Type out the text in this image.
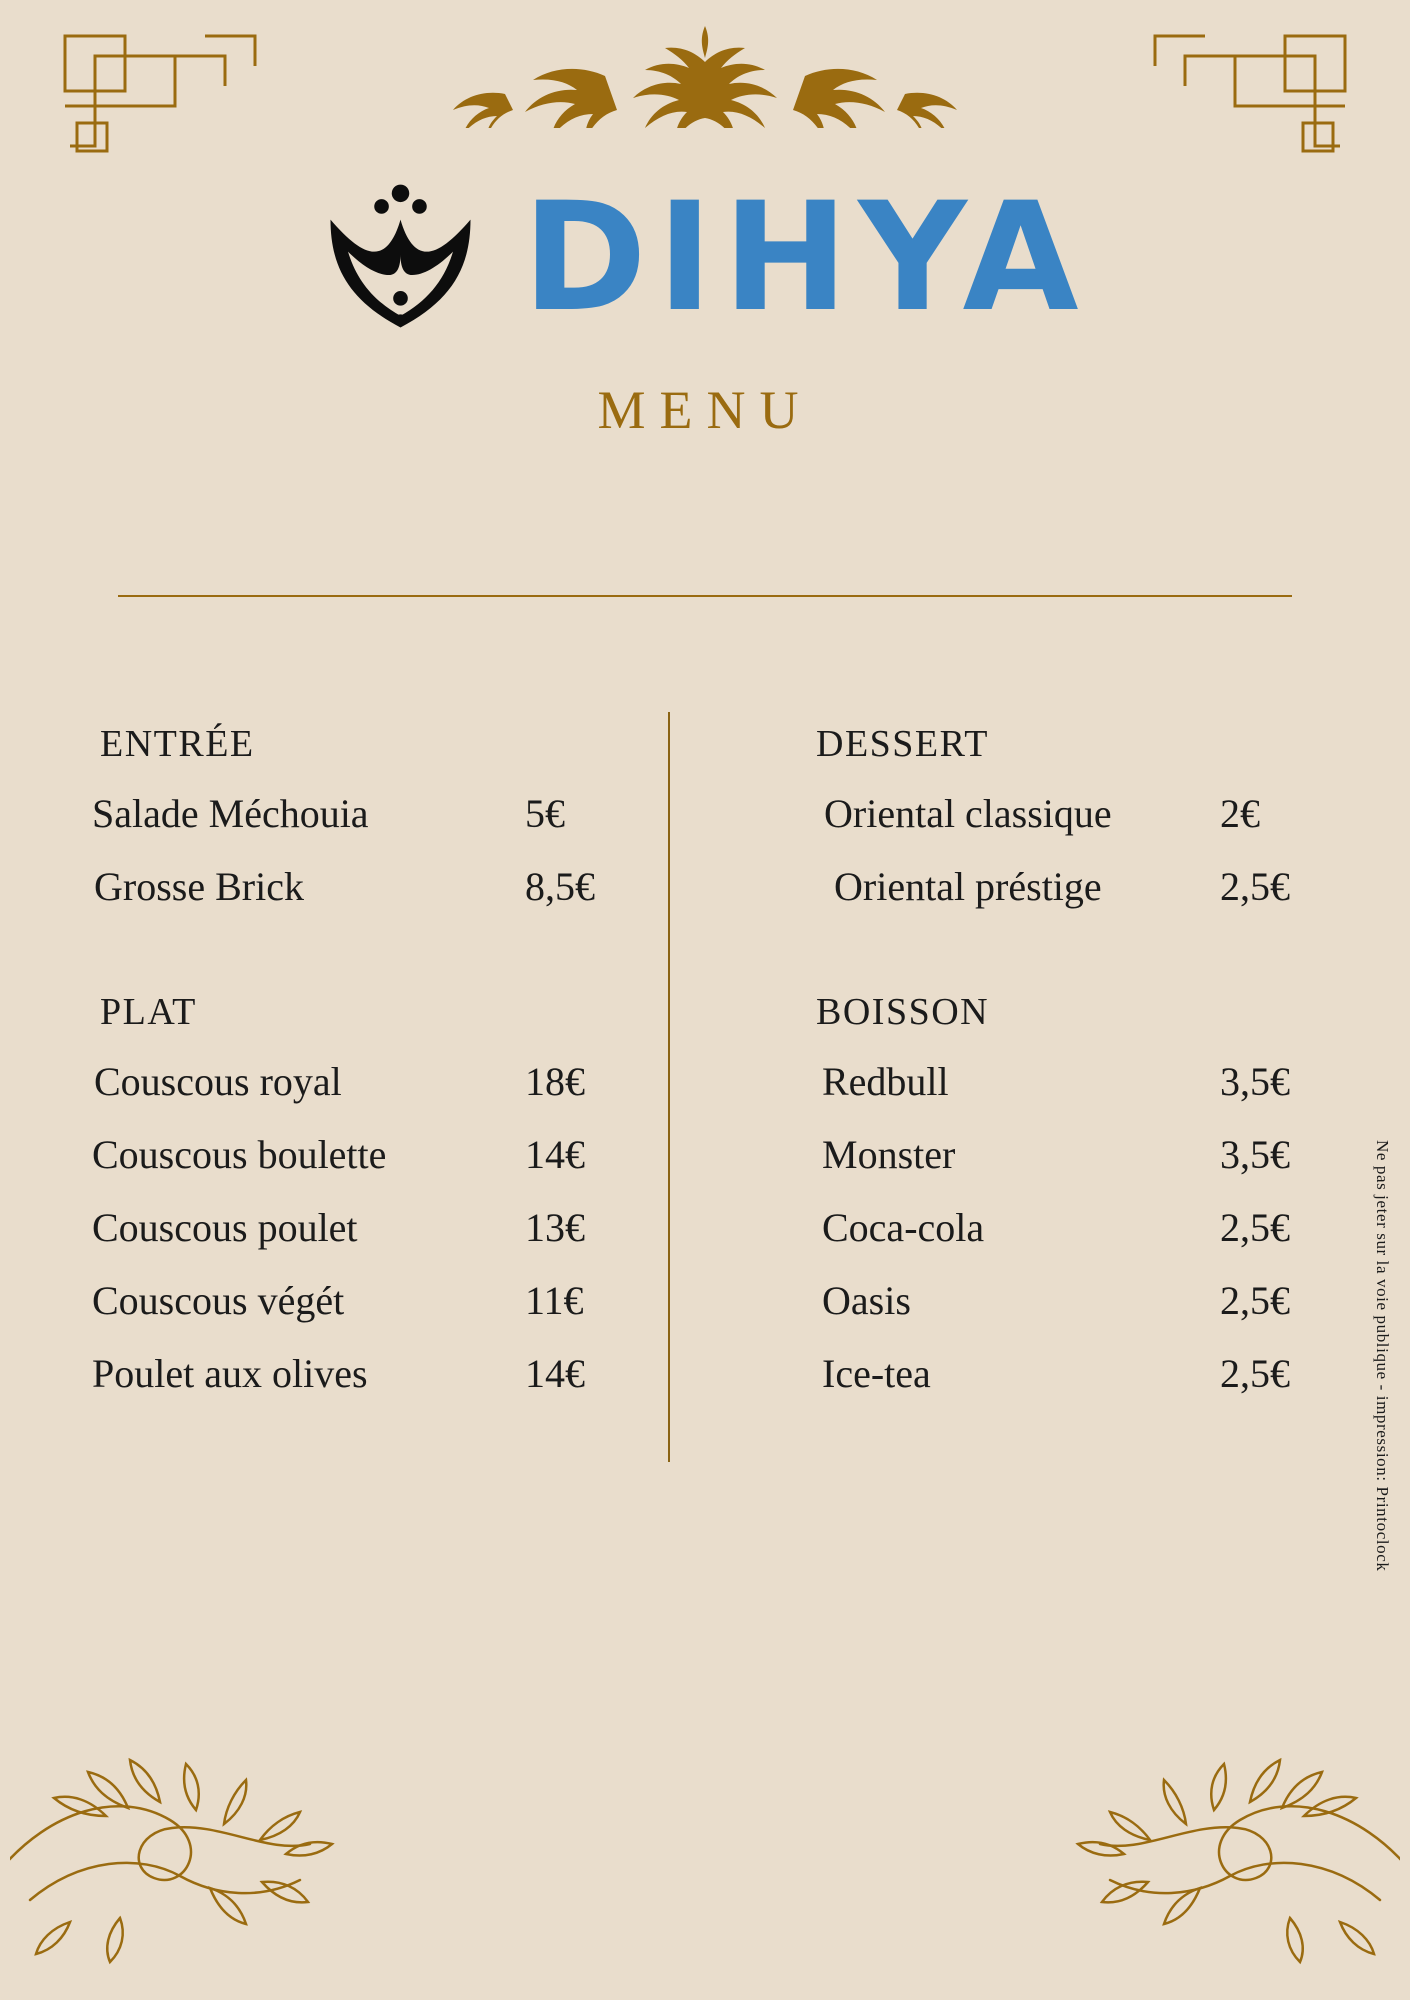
DIHYA
MENU
ENTRÉE
Salade Méchouia	5€
Grosse Brick	8,5€
PLAT
Couscous royal	18€
Couscous boulette	14€
Couscous poulet	13€
Couscous végét	11€
Poulet aux olives	14€
DESSERT
Oriental classique	2€
Oriental préstige	2,5€
BOISSON
Redbull	3,5€
Monster	3,5€
Coca-cola	2,5€
Oasis	2,5€
Ice-tea	2,5€	Ne pas jeter sur la voie publique - impression: Printoclock
